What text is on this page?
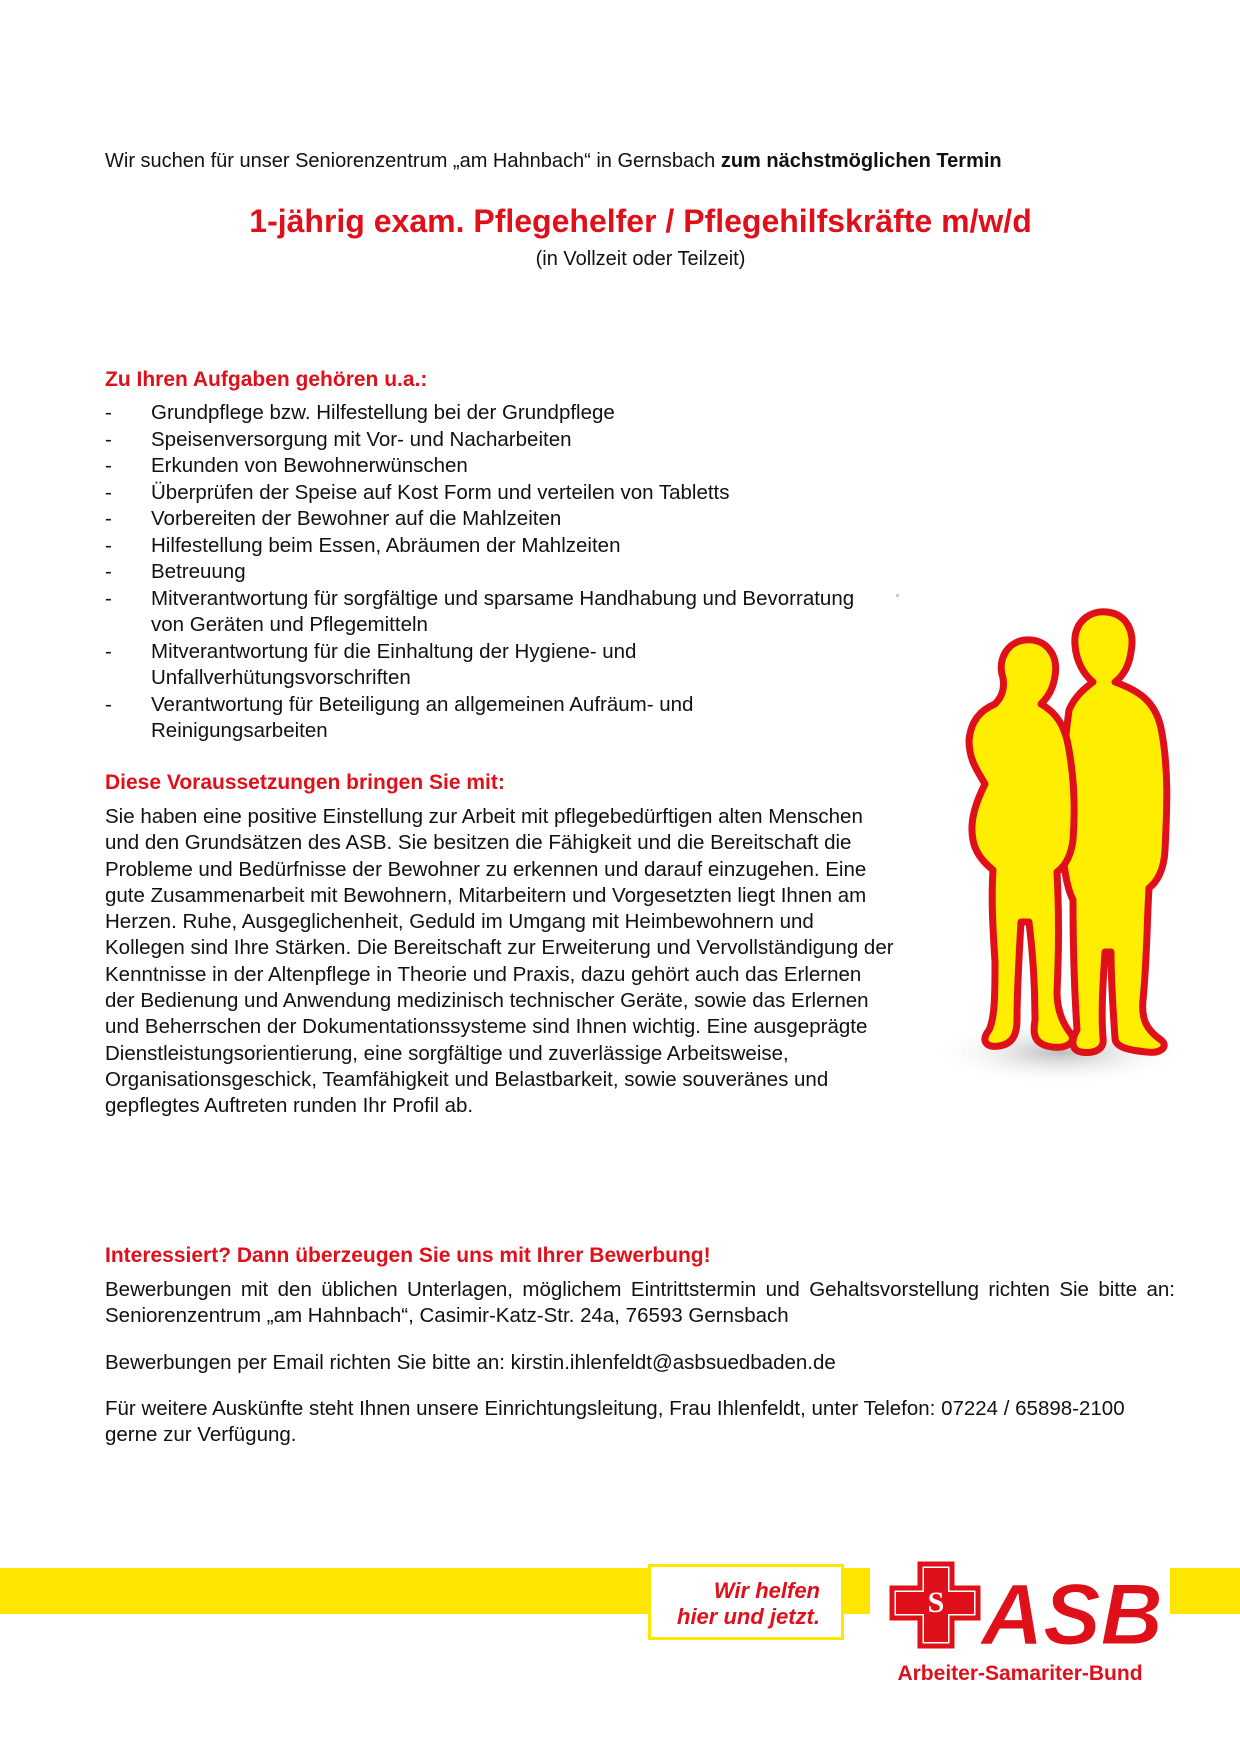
Wir suchen für unser Seniorenzentrum „am Hahnbach“ in Gernsbach zum nächstmöglichen Termin
1-jährig exam. Pflegehelfer / Pflegehilfskräfte m/w/d
(in Vollzeit oder Teilzeit)
Zu Ihren Aufgaben gehören u.a.:
- Grundpflege bzw. Hilfestellung bei der Grundpflege
- Speisenversorgung mit Vor- und Nacharbeiten
- Erkunden von Bewohnerwünschen
- Überprüfen der Speise auf Kost Form und verteilen von Tabletts
- Vorbereiten der Bewohner auf die Mahlzeiten
- Hilfestellung beim Essen, Abräumen der Mahlzeiten
- Betreuung
- Mitverantwortung für sorgfältige und sparsame Handhabung und Bevorratung von Geräten und Pflegemitteln
- Mitverantwortung für die Einhaltung der Hygiene- und Unfallverhütungsvorschriften
- Verantwortung für Beteiligung an allgemeinen Aufräum- und Reinigungsarbeiten
Diese Voraussetzungen bringen Sie mit:
Sie haben eine positive Einstellung zur Arbeit mit pflegebedürftigen alten Menschen und den Grundsätzen des ASB. Sie besitzen die Fähigkeit und die Bereitschaft die Probleme und Bedürfnisse der Bewohner zu erkennen und darauf einzugehen. Eine gute Zusammenarbeit mit Bewohnern, Mitarbeitern und Vorgesetzten liegt Ihnen am Herzen. Ruhe, Ausgeglichenheit, Geduld im Umgang mit Heimbewohnern und Kollegen sind Ihre Stärken. Die Bereitschaft zur Erweiterung und Vervollständigung der Kenntnisse in der Altenpflege in Theorie und Praxis, dazu gehört auch das Erlernen der Bedienung und Anwendung medizinisch technischer Geräte, sowie das Erlernen und Beherrschen der Dokumentationssysteme sind Ihnen wichtig. Eine ausgeprägte Dienstleistungsorientierung, eine sorgfältige und zuverlässige Arbeitsweise, Organisationsgeschick, Teamfähigkeit und Belastbarkeit, sowie souveränes und gepflegtes Auftreten runden Ihr Profil ab.
Interessiert? Dann überzeugen Sie uns mit Ihrer Bewerbung!

Bewerbungen mit den üblichen Unterlagen, möglichem Eintrittstermin und Gehaltsvorstellung richten Sie bitte an: Seniorenzentrum „am Hahnbach“, Casimir-Katz-Str. 24a, 76593 Gernsbach

Bewerbungen per Email richten Sie bitte an: kirstin.ihlenfeldt@asbsuedbaden.de

Für weitere Auskünfte steht Ihnen unsere Einrichtungsleitung, Frau Ihlenfeldt, unter Telefon: 07224 / 65898-2100

gerne zur Verfügung.

Wir helfen
hier und jetzt.	S ASB
Arbeiter-Samariter-Bund
